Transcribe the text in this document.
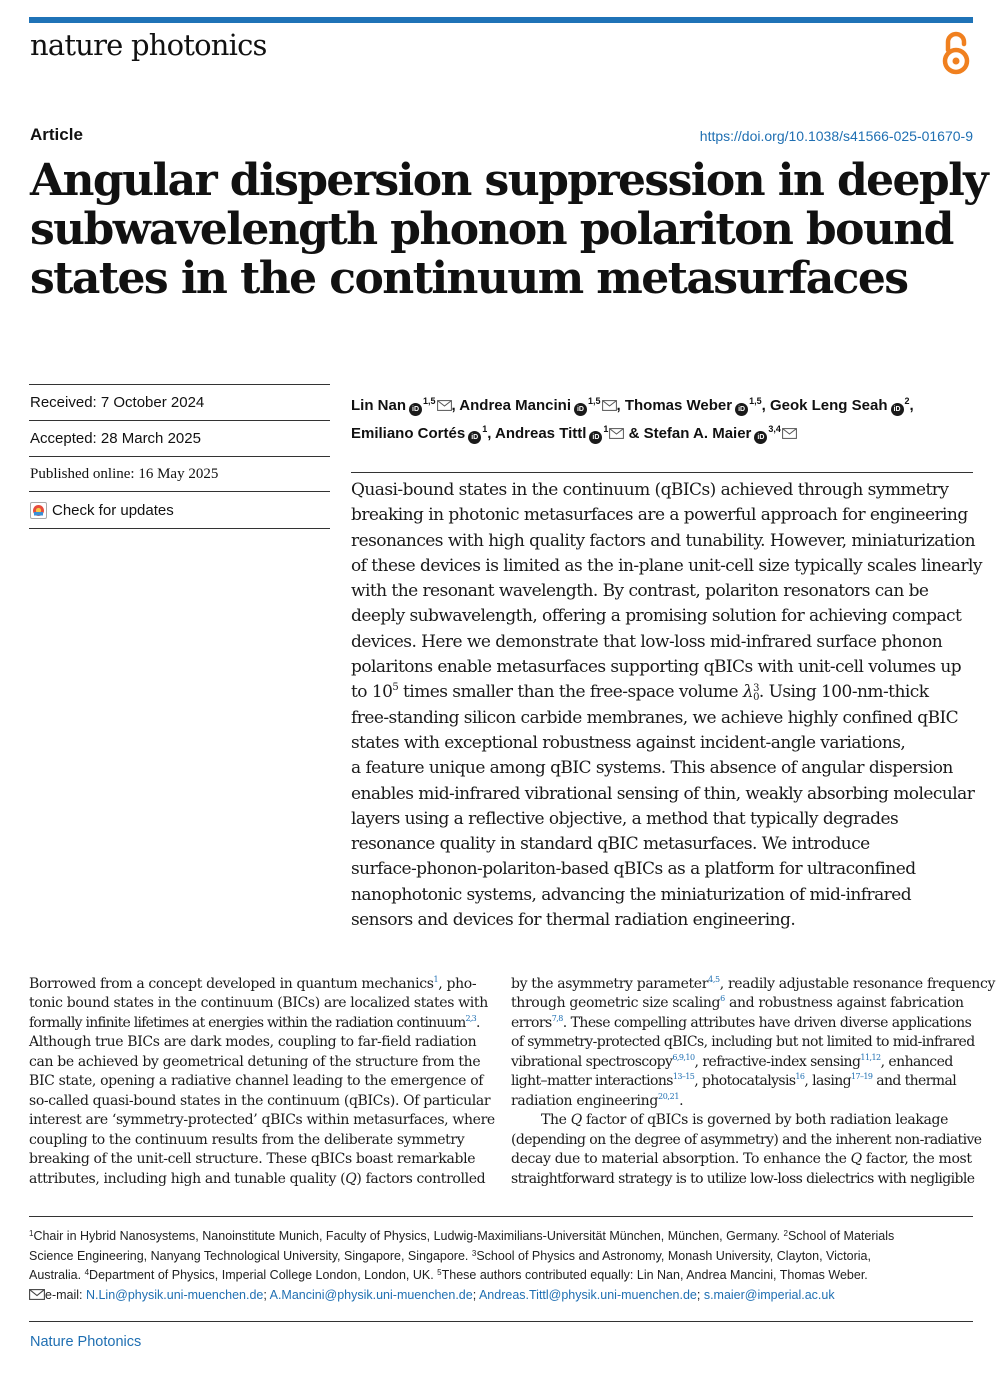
nature photonics
Article	https://doi.org/10.1038/s41566-025-01670-9
Angular dispersion suppression in deeply
subwavelength phonon polariton bound
states in the continuum metasurfaces
Received: 7 October 2024
Accepted: 28 March 2025
Published online: 16 May 2025
Check for updates
Lin Nan iD$^{1,5}$ , Andrea Mancini iD$^{1,5}$ , Thomas Weber iD$^{1,5}$, Geok Leng Seah iD$^2$,
Emiliano Cortés iD$^1$, Andreas Tittl iD$^1$ & Stefan A. Maier iD$^{3,4}$
Quasi-bound states in the continuum (qBICs) achieved through symmetry
breaking in photonic metasurfaces are a powerful approach for engineering
resonances with high quality factors and tunability. However, miniaturization
of these devices is limited as the in-plane unit-cell size typically scales linearly
with the resonant wavelength. By contrast, polariton resonators can be
deeply subwavelength, offering a promising solution for achieving compact
devices. Here we demonstrate that low-loss mid-infrared surface phonon
polaritons enable metasurfaces supporting qBICs with unit-cell volumes up
to $10^5$ times smaller than the free-space volume λ 3
0 . Using 100-nm-thick
free-standing silicon carbide membranes, we achieve highly confined qBIC
states with exceptional robustness against incident-angle variations,
a feature unique among qBIC systems. This absence of angular dispersion
enables mid-infrared vibrational sensing of thin, weakly absorbing molecular
layers using a reflective objective, a method that typically degrades
resonance quality in standard qBIC metasurfaces. We introduce
surface-phonon-polariton-based qBICs as a platform for ultraconfined
nanophotonic systems, advancing the miniaturization of mid-infrared
sensors and devices for thermal radiation engineering.
Borrowed from a concept developed in quantum mechanics$^1$, pho-
tonic bound states in the continuum (BICs) are localized states with
formally infinite lifetimes at energies within the radiation continuum$^{2,3}$.
Although true BICs are dark modes, coupling to far-field radiation
can be achieved by geometrical detuning of the structure from the
BIC state, opening a radiative channel leading to the emergence of
so-called quasi-bound states in the continuum (qBICs). Of particular
interest are ‘symmetry-protected’ qBICs within metasurfaces, where
coupling to the continuum results from the deliberate symmetry
breaking of the unit-cell structure. These qBICs boast remarkable
attributes, including high and tunable quality (Q) factors controlled
by the asymmetry parameter$^{4,5}$, readily adjustable resonance frequency
through geometric size scaling$^6$ and robustness against fabrication
errors$^{7,8}$. These compelling attributes have driven diverse applications
of symmetry-protected qBICs, including but not limited to mid-infrared
vibrational spectroscopy$^{6,9,10}$, refractive-index sensing$^{11,12}$, enhanced
light–matter interactions$^{13-15}$, photocatalysis$^{16}$, lasing$^{17-19}$ and thermal
radiation engineering$^{20,21}$.
The Q factor of qBICs is governed by both radiation leakage
(depending on the degree of asymmetry) and the inherent non-radiative
decay due to material absorption. To enhance the Q factor, the most
straightforward strategy is to utilize low-loss dielectrics with negligible
$^1$Chair in Hybrid Nanosystems, Nanoinstitute Munich, Faculty of Physics, Ludwig-Maximilians-Universität München, München, Germany. $^2$School of Materials
Science Engineering, Nanyang Technological University, Singapore, Singapore. $^3$School of Physics and Astronomy, Monash University, Clayton, Victoria,
Australia. $^4$Department of Physics, Imperial College London, London, UK. $^5$These authors contributed equally: Lin Nan, Andrea Mancini, Thomas Weber.
e-mail: N.Lin@physik.uni-muenchen.de; A.Mancini@physik.uni-muenchen.de; Andreas.Tittl@physik.uni-muenchen.de; s.maier@imperial.ac.uk
Nature Photonics
